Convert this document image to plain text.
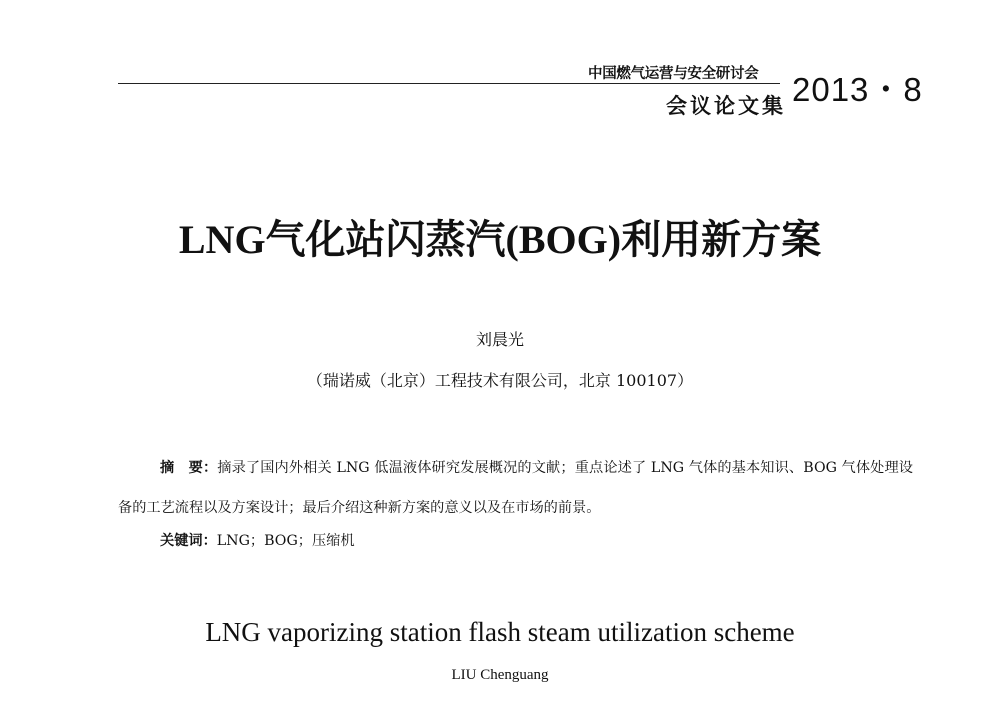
中国燃气运营与安全研讨会
会议论文集 2013・8
LNG气化站闪蒸汽(BOG)利用新方案
刘晨光
（瑞诺威（北京）工程技术有限公司，北京 100107）

摘　要：摘录了国内外相关 LNG 低温液体研究发展概况的文献；重点论述了 LNG 气体的基本知识、BOG 气体处理设备的工艺流程以及方案设计；最后介绍这种新方案的意义以及在市场的前景。

关键词：LNG；BOG；压缩机
LNG vaporizing station flash steam utilization scheme
LIU Chenguang
